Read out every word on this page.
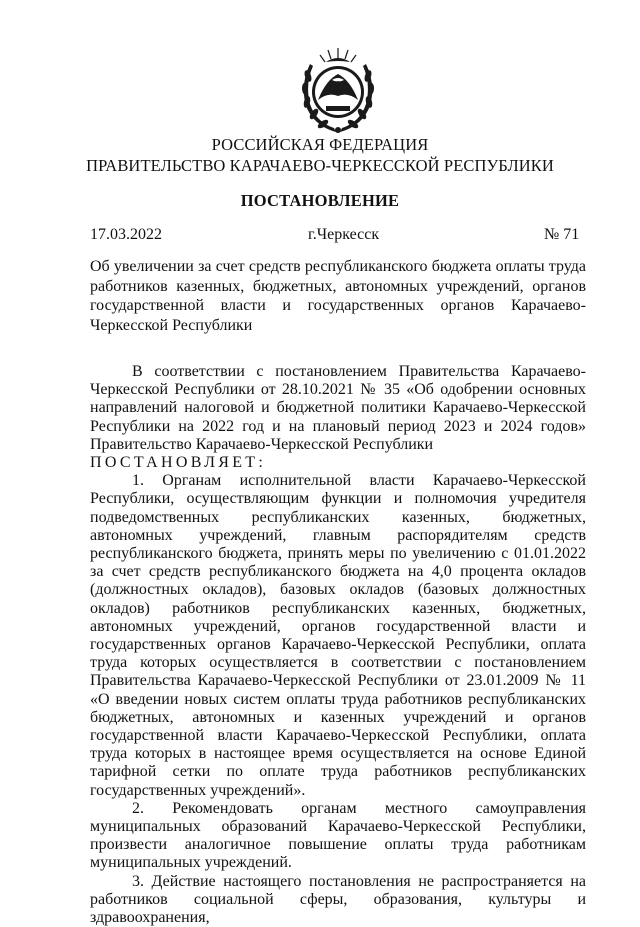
РОССИЙСКАЯ ФЕДЕРАЦИЯ
ПРАВИТЕЛЬСТВО КАРАЧАЕВО-ЧЕРКЕССКОЙ РЕСПУБЛИКИ
ПОСТАНОВЛЕНИЕ
17.03.2022	г.Черкесск	№ 71
Об увеличении за счет средств республиканского бюджета оплаты труда работников казенных, бюджетных, автономных учреждений, органов государственной власти и государственных органов Карачаево-Черкесской Республики

В соответствии с постановлением Правительства Карачаево-Черкесской Республики от 28.10.2021 № 35 «Об одобрении основных направлений налоговой и бюджетной политики Карачаево-Черкесской Республики на 2022 год и на плановый период 2023 и 2024 годов» Правительство Карачаево-Черкесской Республики

ПОСТАНОВЛЯЕТ:

1. Органам исполнительной власти Карачаево-Черкесской Республики, осуществляющим функции и полномочия учредителя подведомственных республиканских казенных, бюджетных, автономных учреждений, главным распорядителям средств республиканского бюджета, принять меры по увеличению с 01.01.2022 за счет средств республиканского бюджета на 4,0 процента окладов (должностных окладов), базовых окладов (базовых должностных окладов) работников республиканских казенных, бюджетных, автономных учреждений, органов государственной власти и государственных органов Карачаево-Черкесской Республики, оплата труда которых осуществляется в соответствии с постановлением Правительства Карачаево-Черкесской Республики от 23.01.2009 № 11 «О введении новых систем оплаты труда работников республиканских бюджетных, автономных и казенных учреждений и органов государственной власти Карачаево-Черкесской Республики, оплата труда которых в настоящее время осуществляется на основе Единой тарифной сетки по оплате труда работников республиканских государственных учреждений».

2. Рекомендовать органам местного самоуправления муниципальных образований Карачаево-Черкесской Республики, произвести аналогичное повышение оплаты труда работникам муниципальных учреждений.

3. Действие настоящего постановления не распространяется на работников социальной сферы, образования, культуры и здравоохранения,
